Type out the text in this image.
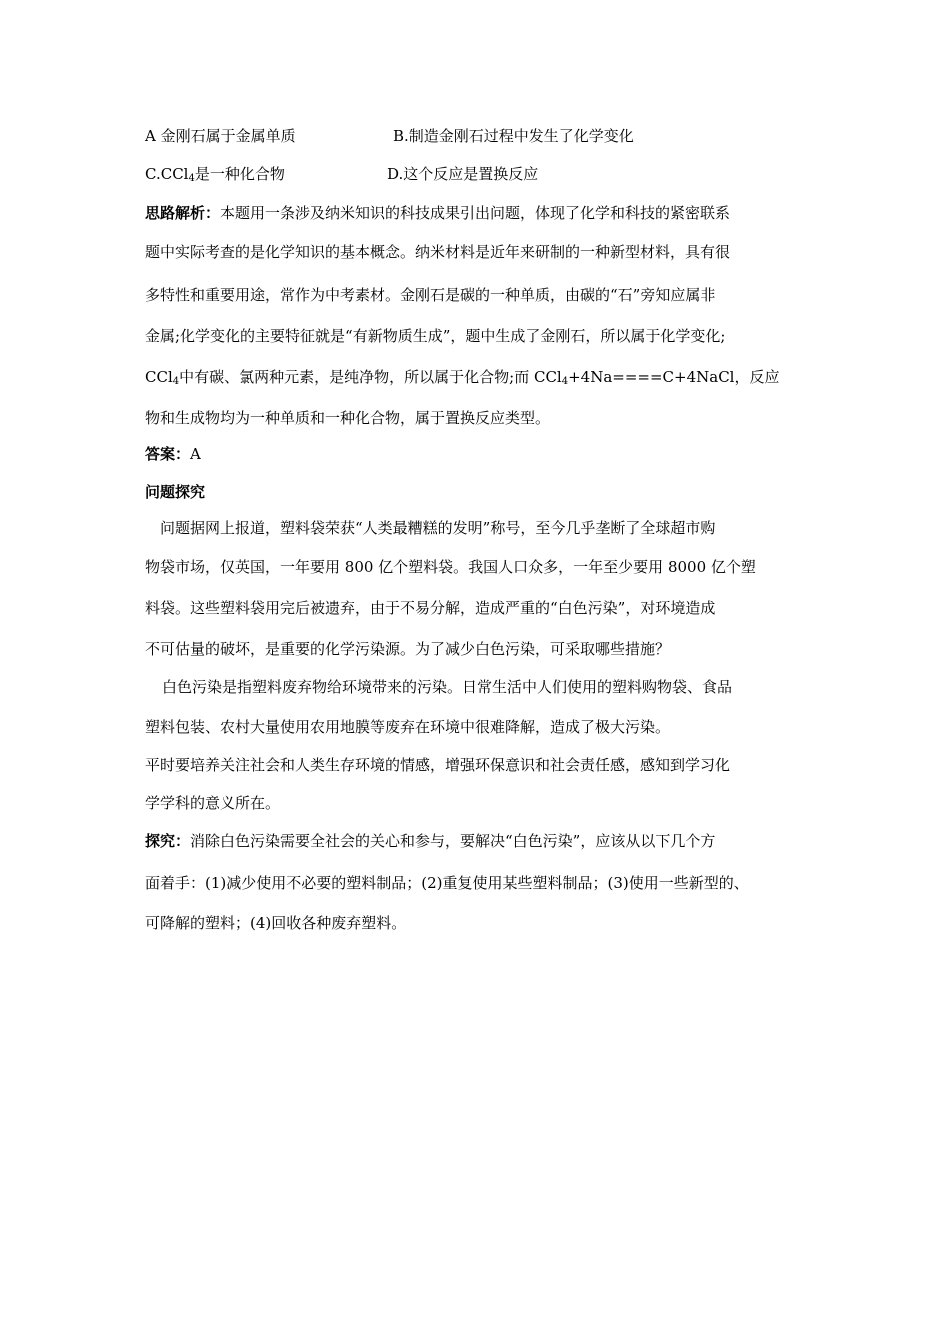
A 金刚石属于金属单质	B.制造金刚石过程中发生了化学变化
C.CCl$_4$是一种化合物	D.这个反应是置换反应
思路解析：本题用一条涉及纳米知识的科技成果引出问题，体现了化学和科技的紧密联系
题中实际考查的是化学知识的基本概念。纳米材料是近年来研制的一种新型材料，具有很
多特性和重要用途，常作为中考素材。金刚石是碳的一种单质，由碳的“石”旁知应属非
金属;化学变化的主要特征就是“有新物质生成”，题中生成了金刚石，所以属于化学变化;
CCl$_4$中有碳、氯两种元素，是纯净物，所以属于化合物;而 CCl$_4$+4Na====C+4NaCl，反应
物和生成物均为一种单质和一种化合物，属于置换反应类型。
答案：A
问题探究
问题据网上报道，塑料袋荣获“人类最糟糕的发明”称号，至今几乎垄断了全球超市购
物袋市场，仅英国，一年要用 800 亿个塑料袋。我国人口众多，一年至少要用 8000 亿个塑
料袋。这些塑料袋用完后被遗弃，由于不易分解，造成严重的“白色污染”，对环境造成
不可估量的破坏，是重要的化学污染源。为了减少白色污染，可采取哪些措施？
白色污染是指塑料废弃物给环境带来的污染。日常生活中人们使用的塑料购物袋、食品
塑料包装、农村大量使用农用地膜等废弃在环境中很难降解，造成了极大污染。
平时要培养关注社会和人类生存环境的情感，增强环保意识和社会责任感，感知到学习化
学学科的意义所在。
探究：消除白色污染需要全社会的关心和参与，要解决“白色污染”，应该从以下几个方
面着手：(1)减少使用不必要的塑料制品；(2)重复使用某些塑料制品；(3)使用一些新型的、
可降解的塑料；(4)回收各种废弃塑料。
